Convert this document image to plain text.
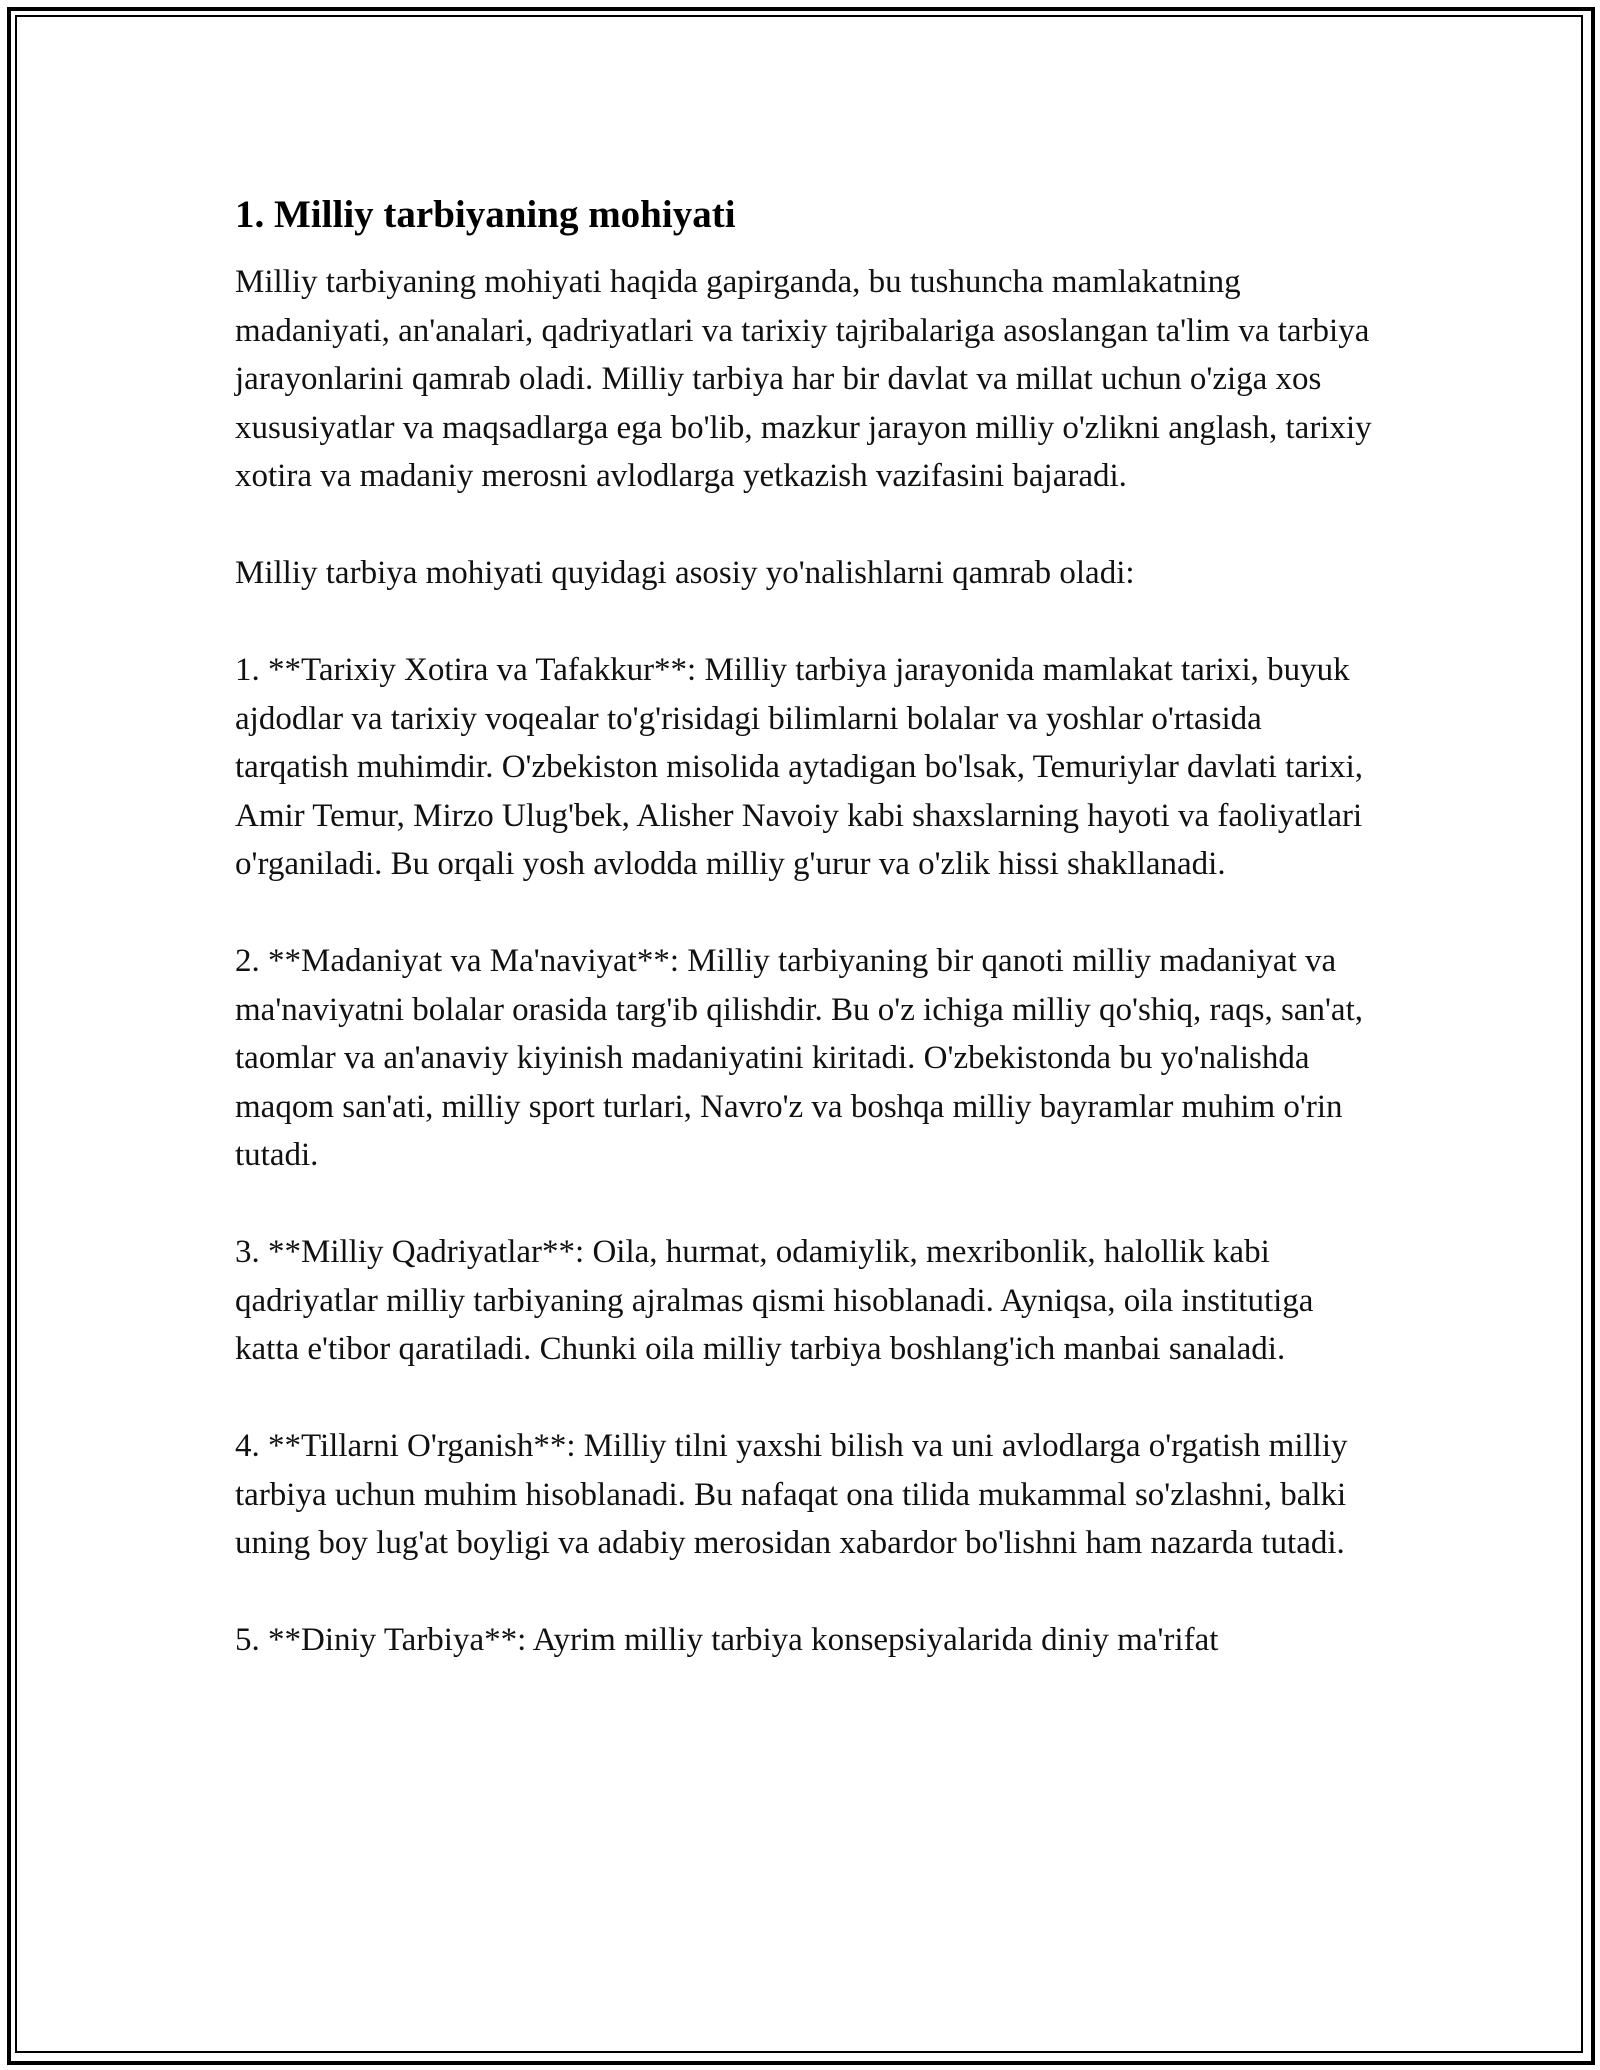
1. Milliy tarbiyaning mohiyati

Milliy tarbiyaning mohiyati haqida gapirganda, bu tushuncha mamlakatning madaniyati, an'analari, qadriyatlari va tarixiy tajribalariga asoslangan ta'lim va tarbiya jarayonlarini qamrab oladi. Milliy tarbiya har bir davlat va millat uchun o'ziga xos xususiyatlar va maqsadlarga ega bo'lib, mazkur jarayon milliy o'zlikni anglash, tarixiy xotira va madaniy merosni avlodlarga yetkazish vazifasini bajaradi.

Milliy tarbiya mohiyati quyidagi asosiy yo'nalishlarni qamrab oladi:

1. **Tarixiy Xotira va Tafakkur**: Milliy tarbiya jarayonida mamlakat tarixi, buyuk ajdodlar va tarixiy voqealar to'g'risidagi bilimlarni bolalar va yoshlar o'rtasida tarqatish muhimdir. O'zbekiston misolida aytadigan bo'lsak, Temuriylar davlati tarixi, Amir Temur, Mirzo Ulug'bek, Alisher Navoiy kabi shaxslarning hayoti va faoliyatlari o'rganiladi. Bu orqali yosh avlodda milliy g'urur va o'zlik hissi shakllanadi.

2. **Madaniyat va Ma'naviyat**: Milliy tarbiyaning bir qanoti milliy madaniyat va ma'naviyatni bolalar orasida targ'ib qilishdir. Bu o'z ichiga milliy qo'shiq, raqs, san'at, taomlar va an'anaviy kiyinish madaniyatini kiritadi. O'zbekistonda bu yo'nalishda maqom san'ati, milliy sport turlari, Navro'z va boshqa milliy bayramlar muhim o'rin tutadi.

3. **Milliy Qadriyatlar**: Oila, hurmat, odamiylik, mexribonlik, halollik kabi qadriyatlar milliy tarbiyaning ajralmas qismi hisoblanadi. Ayniqsa, oila institutiga katta e'tibor qaratiladi. Chunki oila milliy tarbiya boshlang'ich manbai sanaladi.

4. **Tillarni O'rganish**: Milliy tilni yaxshi bilish va uni avlodlarga o'rgatish milliy tarbiya uchun muhim hisoblanadi. Bu nafaqat ona tilida mukammal so'zlashni, balki uning boy lug'at boyligi va adabiy merosidan xabardor bo'lishni ham nazarda tutadi.

5. **Diniy Tarbiya**: Ayrim milliy tarbiya konsepsiyalarida diniy ma'rifat
